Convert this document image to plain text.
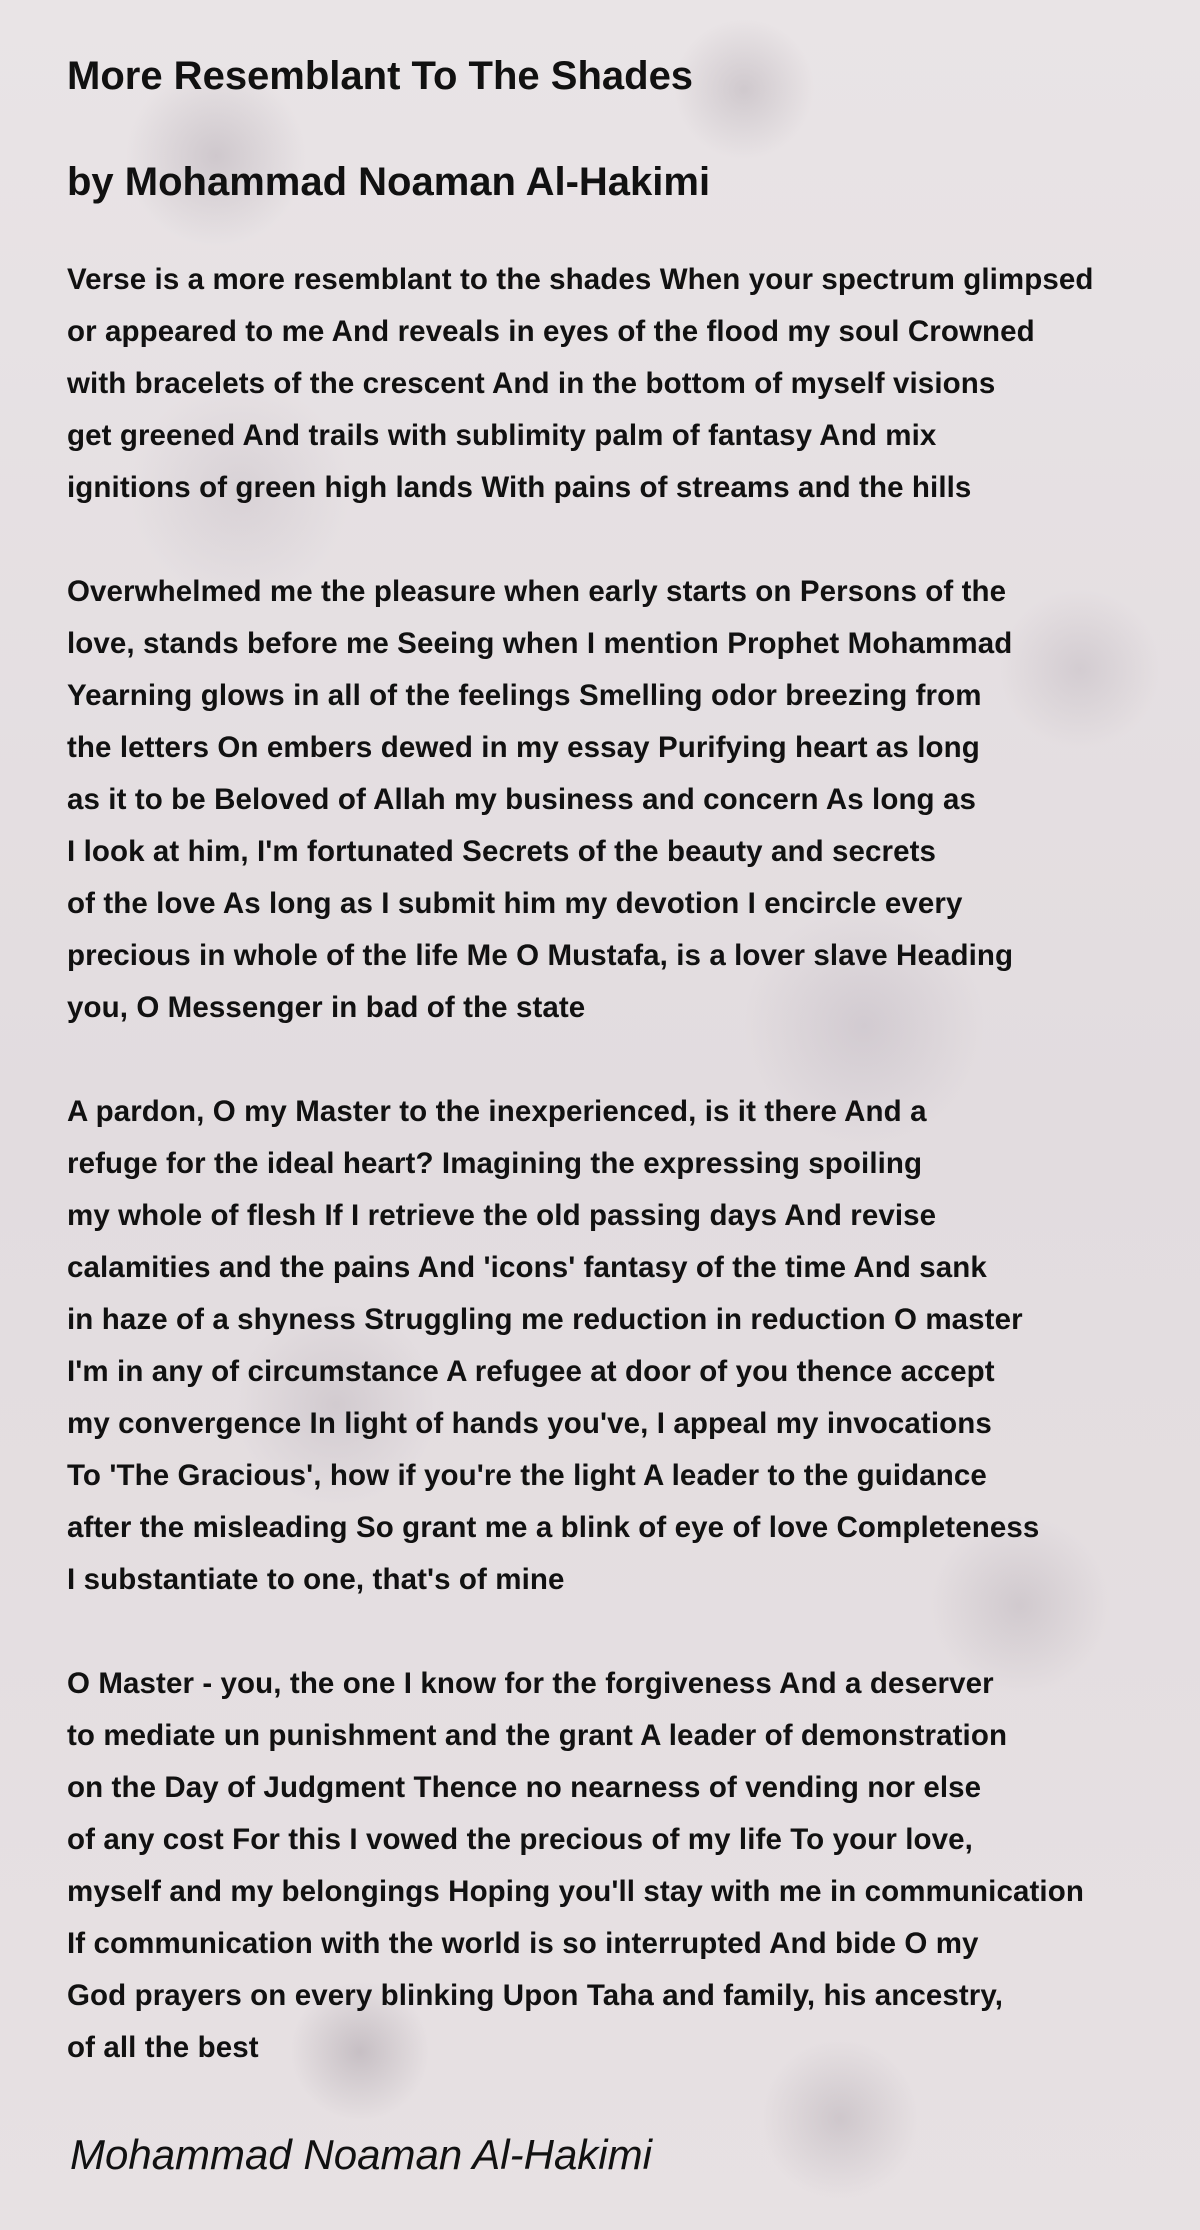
More Resemblant To The Shades
by Mohammad Noaman Al-Hakimi
Verse is a more resemblant to the shades When your spectrum glimpsed
or appeared to me And reveals in eyes of the flood my soul Crowned
with bracelets of the crescent And in the bottom of myself visions
get greened And trails with sublimity palm of fantasy And mix
ignitions of green high lands With pains of streams and the hills
Overwhelmed me the pleasure when early starts on Persons of the
love, stands before me Seeing when I mention Prophet Mohammad
Yearning glows in all of the feelings Smelling odor breezing from
the letters On embers dewed in my essay Purifying heart as long
as it to be Beloved of Allah my business and concern As long as
I look at him, I'm fortunated Secrets of the beauty and secrets
of the love As long as I submit him my devotion I encircle every
precious in whole of the life Me O Mustafa, is a lover slave Heading
you, O Messenger in bad of the state
A pardon, O my Master to the inexperienced, is it there And a
refuge for the ideal heart? Imagining the expressing spoiling
my whole of flesh If I retrieve the old passing days And revise
calamities and the pains And 'icons' fantasy of the time And sank
in haze of a shyness Struggling me reduction in reduction O master
I'm in any of circumstance A refugee at door of you thence accept
my convergence In light of hands you've, I appeal my invocations
To 'The Gracious', how if you're the light A leader to the guidance
after the misleading So grant me a blink of eye of love Completeness
I substantiate to one, that's of mine
O Master - you, the one I know for the forgiveness And a deserver
to mediate un punishment and the grant A leader of demonstration
on the Day of Judgment Thence no nearness of vending nor else
of any cost For this I vowed the precious of my life To your love,
myself and my belongings Hoping you'll stay with me in communication
If communication with the world is so interrupted And bide O my
God prayers on every blinking Upon Taha and family, his ancestry,
of all the best
Mohammad Noaman Al-Hakimi
